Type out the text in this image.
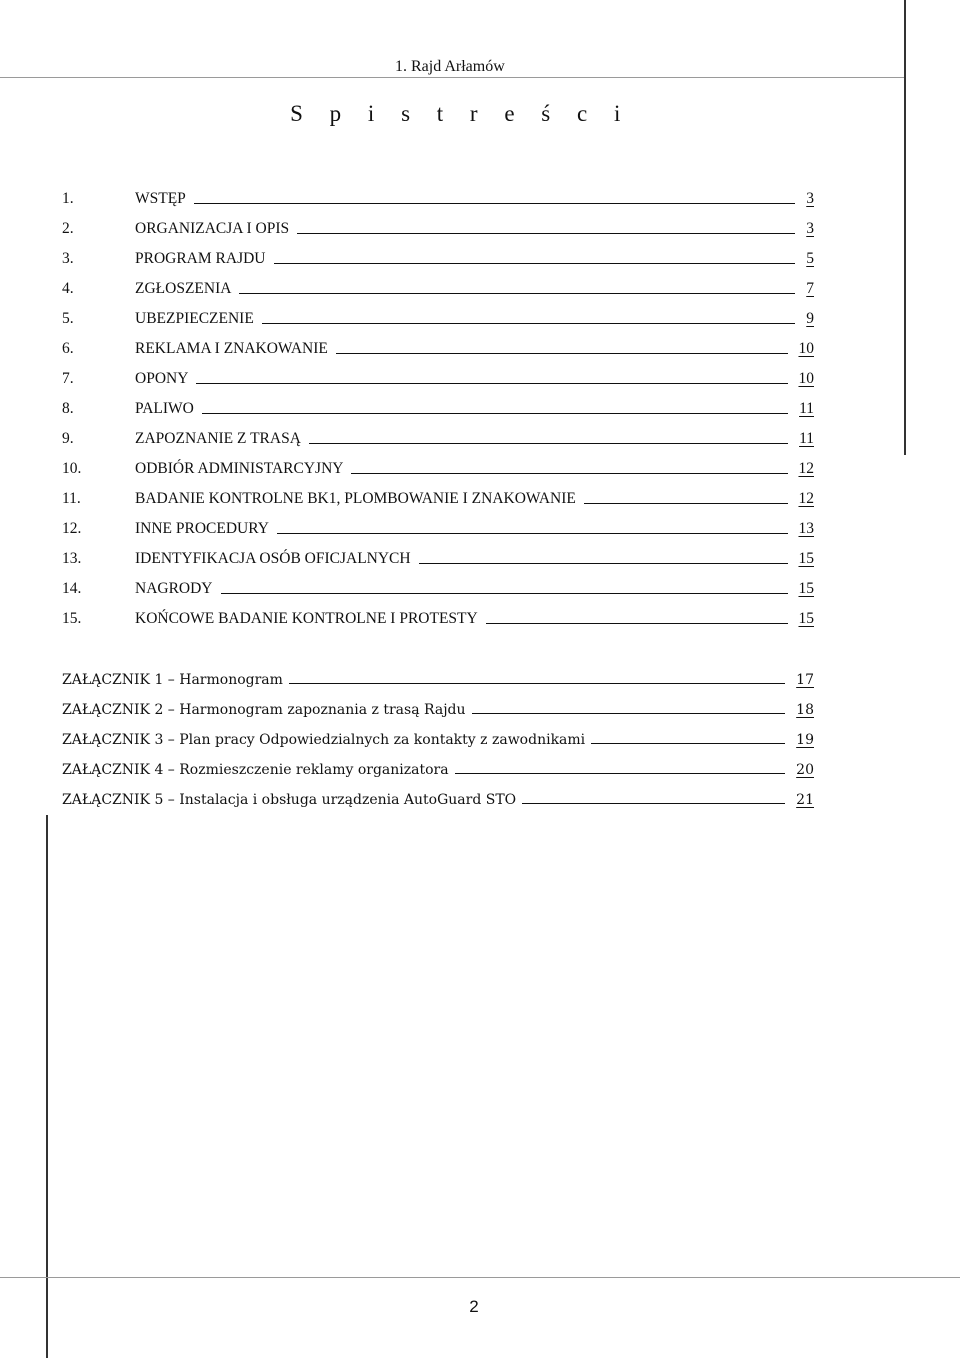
1. Rajd Arłamów
S p i s t r e ś c i
1.	WSTĘP	3
2.	ORGANIZACJA I OPIS	3
3.	PROGRAM RAJDU	5
4.	ZGŁOSZENIA	7
5.	UBEZPIECZENIE	9
6.	REKLAMA I ZNAKOWANIE	10
7.	OPONY	10
8.	PALIWO	11
9.	ZAPOZNANIE Z TRASĄ	11
10.	ODBIÓR ADMINISTARCYJNY	12
11.	BADANIE KONTROLNE BK1, PLOMBOWANIE I ZNAKOWANIE	12
12.	INNE PROCEDURY	13
13.	IDENTYFIKACJA OSÓB OFICJALNYCH	15
14.	NAGRODY	15
15.	KOŃCOWE BADANIE KONTROLNE I PROTESTY	15
ZAŁĄCZNIK 1 – Harmonogram	17
ZAŁĄCZNIK 2 – Harmonogram zapoznania z trasą Rajdu	18
ZAŁĄCZNIK 3 – Plan pracy Odpowiedzialnych za kontakty z zawodnikami	19
ZAŁĄCZNIK 4 – Rozmieszczenie reklamy organizatora	20
ZAŁĄCZNIK 5 – Instalacja i obsługa urządzenia AutoGuard STO	21
2
